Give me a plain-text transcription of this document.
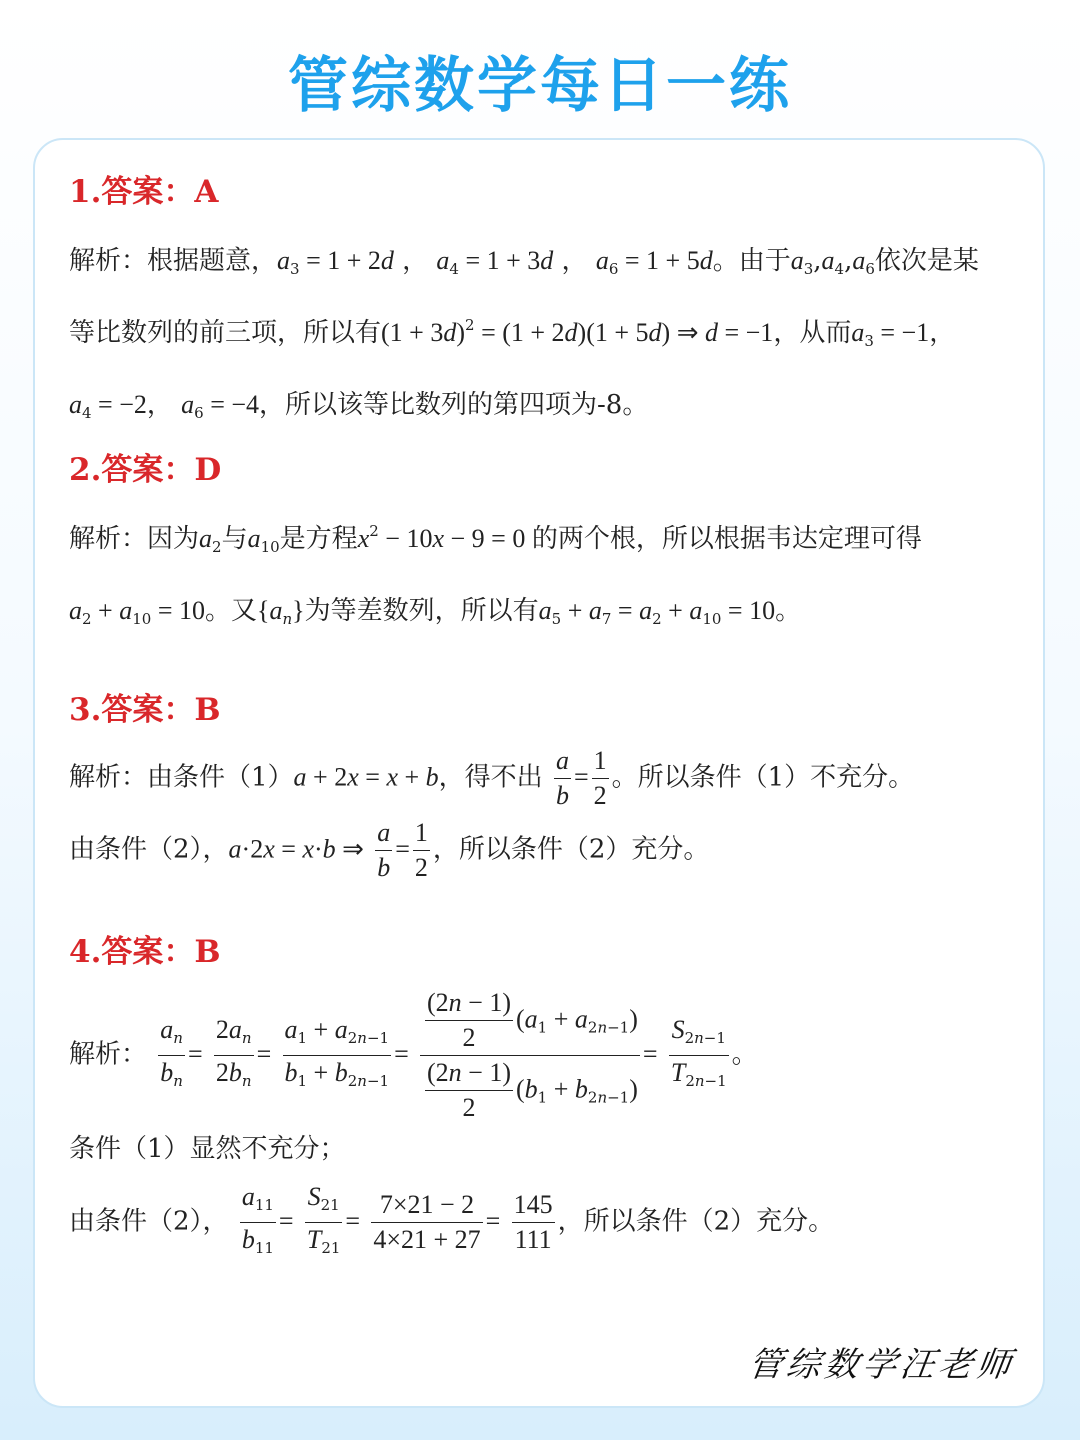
管综数学每日一练
1.答案：A
解析：根据题意，$a_3 = 1 + 2d$ ， $a_4 = 1 + 3d$ ， $a_6 = 1 + 5d$。由于$a_3,a_4,a_6$依次是某
等比数列的前三项，所以有$(1 + 3d)^2 = (1 + 2d)(1 + 5d)$ ⇒ d = −1，从而$a_3 = -1$，
$a_4 = -2$， $a_6 = -4$，所以该等比数列的第四项为-8。
2.答案：D
解析：因为$a_2$与$a_{10}$是方程$x^2 - 10x - 9 = 0$ 的两个根，所以根据韦达定理可得
$a_2 + a_{10} = 10$。又$\{a_n\}$为等差数列，所以有$a_5 + a_7 = a_2 + a_{10} = 10$。
3.答案：B
解析：由条件（1）a + 2x = x + b，得不出 $\frac{a}{b} = \frac{1}{2}$ 。所以条件（1）不充分。
由条件（2），a·2x = x·b ⇒ $\frac{a}{b} = \frac{1}{2}$ ，所以条件（2）充分。
4.答案：B
解析： $\frac{a_n}{b_n} = \frac{2a_n}{2b_n} = \frac{a_1 + a_{2n-1}}{b_1 + b_{2n-1}} = \frac{\frac{(2n - 1)}{2} (a_1 + a_{2n-1})}{\frac{(2n - 1)}{2} (b_1 + b_{2n-1})} = \frac{S_{2n-1}}{T_{2n-1}}$ 。
条件（1）显然不充分；
由条件（2）， $\frac{a_{11}}{b_{11}} = \frac{S_{21}}{T_{21}} = \frac{7\times 21 - 2}{4\times 21 + 27} = \frac{145}{111}$ ，所以条件（2）充分。
管综数学汪老师
